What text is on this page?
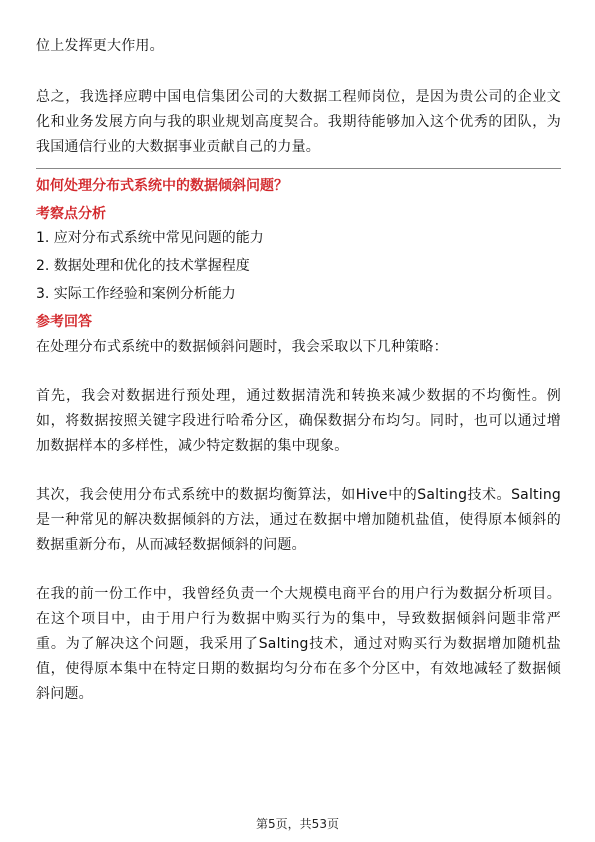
位上发挥更大作用。

总之，我选择应聘中国电信集团公司的大数据工程师岗位，是因为贵公司的企业文化和业务发展方向与我的职业规划高度契合。我期待能够加入这个优秀的团队，为我国通信行业的大数据事业贡献自己的力量。

如何处理分布式系统中的数据倾斜问题？

考察点分析

1. 应对分布式系统中常见问题的能力

2. 数据处理和优化的技术掌握程度

3. 实际工作经验和案例分析能力

参考回答

在处理分布式系统中的数据倾斜问题时，我会采取以下几种策略：

首先，我会对数据进行预处理，通过数据清洗和转换来减少数据的不均衡性。例如，将数据按照关键字段进行哈希分区，确保数据分布均匀。同时，也可以通过增加数据样本的多样性，减少特定数据的集中现象。

其次，我会使用分布式系统中的数据均衡算法，如Hive中的Salting技术。Salting是一种常见的解决数据倾斜的方法，通过在数据中增加随机盐值，使得原本倾斜的数据重新分布，从而减轻数据倾斜的问题。

在我的前一份工作中，我曾经负责一个大规模电商平台的用户行为数据分析项目。在这个项目中，由于用户行为数据中购买行为的集中，导致数据倾斜问题非常严重。为了解决这个问题，我采用了Salting技术，通过对购买行为数据增加随机盐值，使得原本集中在特定日期的数据均匀分布在多个分区中，有效地减轻了数据倾斜问题。

第5页，共53页
